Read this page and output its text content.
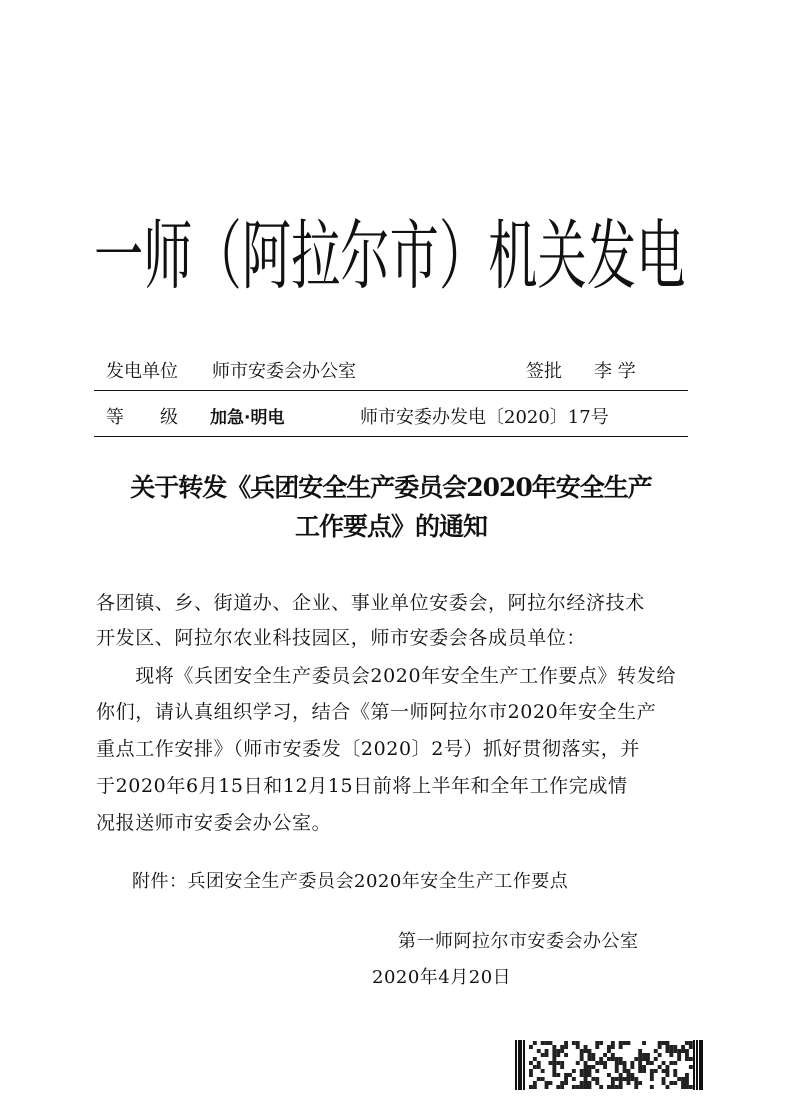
一师（阿拉尔市）机关发电
发电单位 师市安委会办公室	签批 李 学
等　　级 加急·明电	师市安委办发电〔2020〕17号
关于转发《兵团安全生产委员会2020年安全生产
工作要点》的通知
各团镇、乡、街道办、企业、事业单位安委会，阿拉尔经济技术
开发区、阿拉尔农业科技园区，师市安委会各成员单位：
　　现将《兵团安全生产委员会2020年安全生产工作要点》转发给
你们，请认真组织学习，结合《第一师阿拉尔市2020年安全生产
重点工作安排》（师市安委发〔2020〕2号）抓好贯彻落实，并
于2020年6月15日和12月15日前将上半年和全年工作完成情
况报送师市安委会办公室。
附件：兵团安全生产委员会2020年安全生产工作要点
第一师阿拉尔市安委会办公室
2020年4月20日
